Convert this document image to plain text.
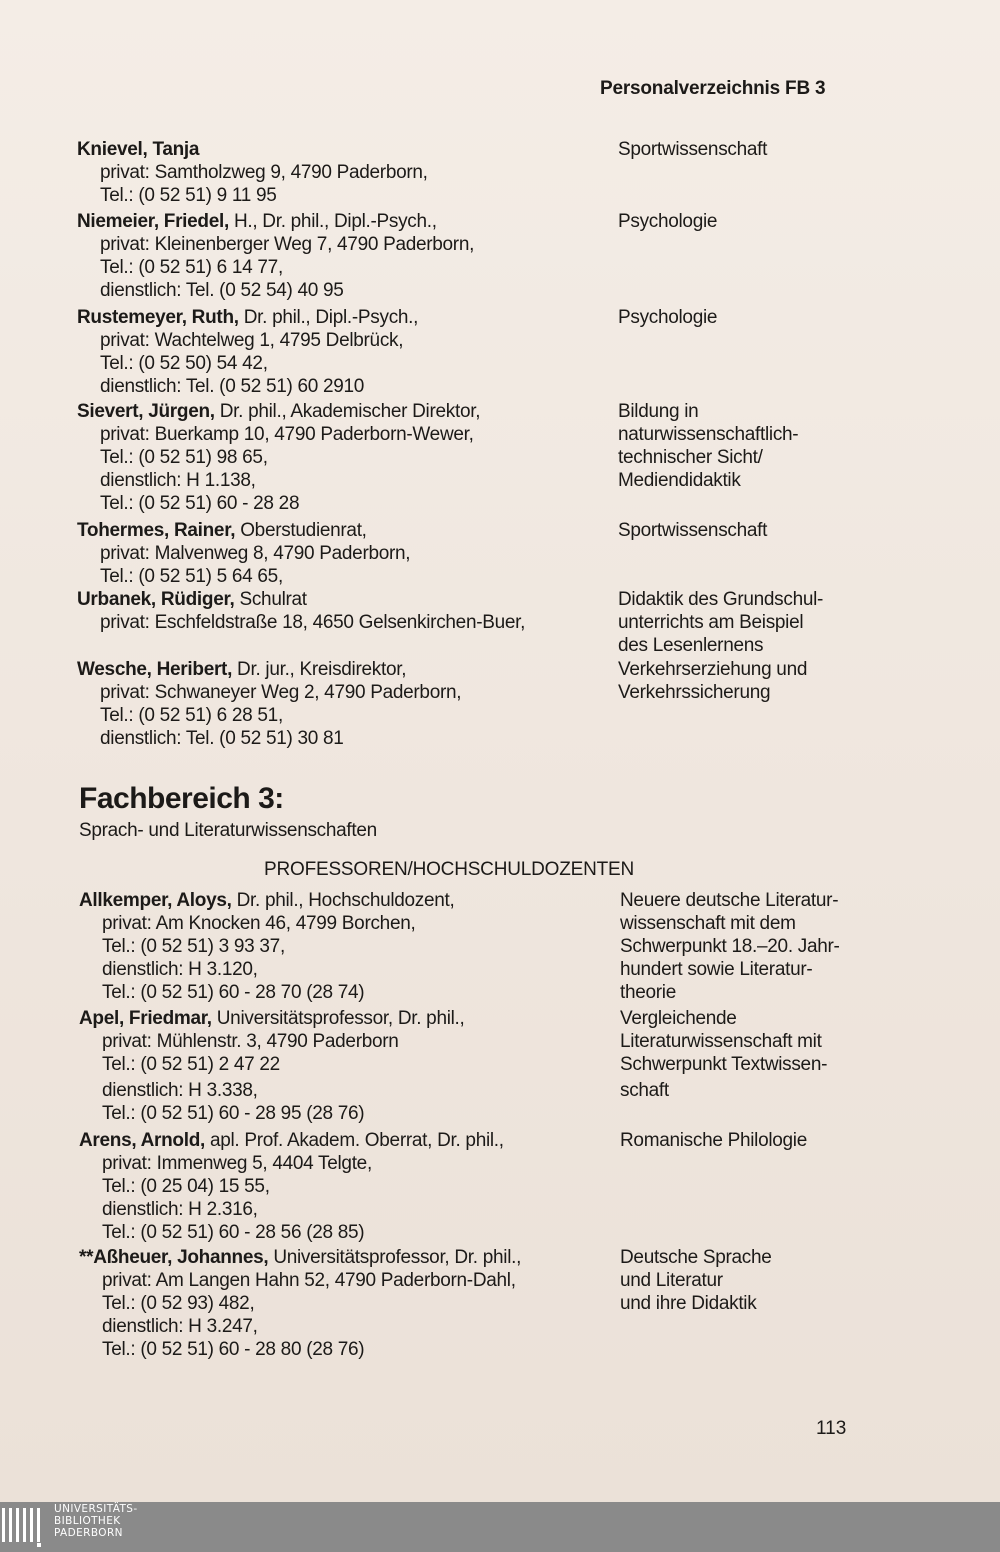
Personalverzeichnis FB 3
Knievel, Tanja
privat: Samtholzweg 9, 4790 Paderborn,
Tel.: (0 52 51) 9 11 95
Sportwissenschaft
Niemeier, Friedel, H., Dr. phil., Dipl.-Psych.,
privat: Kleinenberger Weg 7, 4790 Paderborn,
Tel.: (0 52 51) 6 14 77,
dienstlich: Tel. (0 52 54) 40 95
Psychologie
Rustemeyer, Ruth, Dr. phil., Dipl.-Psych.,
privat: Wachtelweg 1, 4795 Delbrück,
Tel.: (0 52 50) 54 42,
dienstlich: Tel. (0 52 51) 60 2910
Psychologie
Sievert, Jürgen, Dr. phil., Akademischer Direktor,
privat: Buerkamp 10, 4790 Paderborn-Wewer,
Tel.: (0 52 51) 98 65,
dienstlich: H 1.138,
Tel.: (0 52 51) 60 - 28 28
Bildung in
naturwissenschaftlich-
technischer Sicht/
Mediendidaktik
Tohermes, Rainer, Oberstudienrat,
privat: Malvenweg 8, 4790 Paderborn,
Tel.: (0 52 51) 5 64 65,
Sportwissenschaft
Urbanek, Rüdiger, Schulrat
privat: Eschfeldstraße 18, 4650 Gelsenkirchen-Buer,
Didaktik des Grundschul-
unterrichts am Beispiel
des Lesenlernens
Wesche, Heribert, Dr. jur., Kreisdirektor,
privat: Schwaneyer Weg 2, 4790 Paderborn,
Tel.: (0 52 51) 6 28 51,
dienstlich: Tel. (0 52 51) 30 81
Verkehrserziehung und
Verkehrssicherung
Fachbereich 3:
Sprach- und Literaturwissenschaften
PROFESSOREN/HOCHSCHULDOZENTEN
Allkemper, Aloys, Dr. phil., Hochschuldozent,
privat: Am Knocken 46, 4799 Borchen,
Tel.: (0 52 51) 3 93 37,
dienstlich: H 3.120,
Tel.: (0 52 51) 60 - 28 70 (28 74)
Neuere deutsche Literatur-
wissenschaft mit dem
Schwerpunkt 18.–20. Jahr-
hundert sowie Literatur-
theorie
Apel, Friedmar, Universitätsprofessor, Dr. phil.,
privat: Mühlenstr. 3, 4790 Paderborn
Tel.: (0 52 51) 2 47 22
dienstlich: H 3.338,
Tel.: (0 52 51) 60 - 28 95 (28 76)
Vergleichende
Literaturwissenschaft mit
Schwerpunkt Textwissen-
schaft
Arens, Arnold, apl. Prof. Akadem. Oberrat, Dr. phil.,
privat: Immenweg 5, 4404 Telgte,
Tel.: (0 25 04) 15 55,
dienstlich: H 2.316,
Tel.: (0 52 51) 60 - 28 56 (28 85)
Romanische Philologie
**Aßheuer, Johannes, Universitätsprofessor, Dr. phil.,
privat: Am Langen Hahn 52, 4790 Paderborn-Dahl,
Tel.: (0 52 93) 482,
dienstlich: H 3.247,
Tel.: (0 52 51) 60 - 28 80 (28 76)
Deutsche Sprache
und Literatur
und ihre Didaktik
113
UNIVERSITÄTS-
BIBLIOTHEK
PADERBORN
